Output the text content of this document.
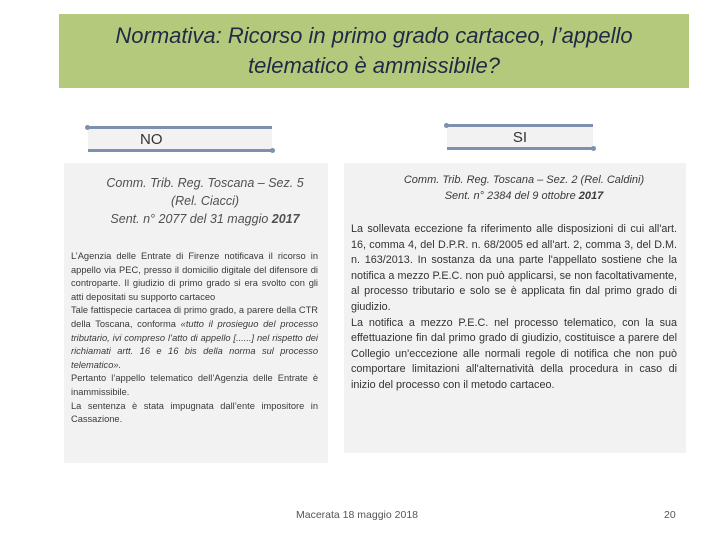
Normativa: Ricorso in primo grado cartaceo, l’appello
telematico è ammissibile?
NO	SI
Comm. Trib. Reg. Toscana – Sez. 5
(Rel. Ciacci)
Sent. n° 2077 del 31 maggio 2017

L’Agenzia delle Entrate di Firenze notificava il ricorso in appello via PEC, presso il domicilio digitale del difensore di controparte. Il giudizio di primo grado si era svolto con gli atti depositati su supporto cartaceo

Tale fattispecie cartacea di primo grado, a parere della CTR della Toscana, conforma «tutto il prosieguo del processo tributario, ivi compreso l’atto di appello [......] nel rispetto dei richiamati artt. 16 e 16 bis della norma sul processo telematico».

Pertanto l’appello telematico dell’Agenzia delle Entrate è inammissibile.

La sentenza è stata impugnata dall’ente impositore in Cassazione.

Comm. Trib. Reg. Toscana – Sez. 2 (Rel. Caldini)
Sent. n° 2384 del 9 ottobre 2017

La sollevata eccezione fa riferimento alle disposizioni di cui all'art. 16, comma 4, del D.P.R. n. 68/2005 ed all'art. 2, comma 3, del D.M. n. 163/2013. In sostanza da una parte l'appellato sostiene che la notifica a mezzo P.E.C. non può applicarsi, se non facoltativamente, al processo tributario e solo se è applicata fin dal primo grado di giudizio.

La notifica a mezzo P.E.C. nel processo telematico, con la sua effettuazione fin dal primo grado di giudizio, costituisce a parere del Collegio un'eccezione alle normali regole di notifica che non può comportare limitazioni all'alternatività della procedura in caso di inizio del processo con il metodo cartaceo.

Macerata 18 maggio 2018	20
